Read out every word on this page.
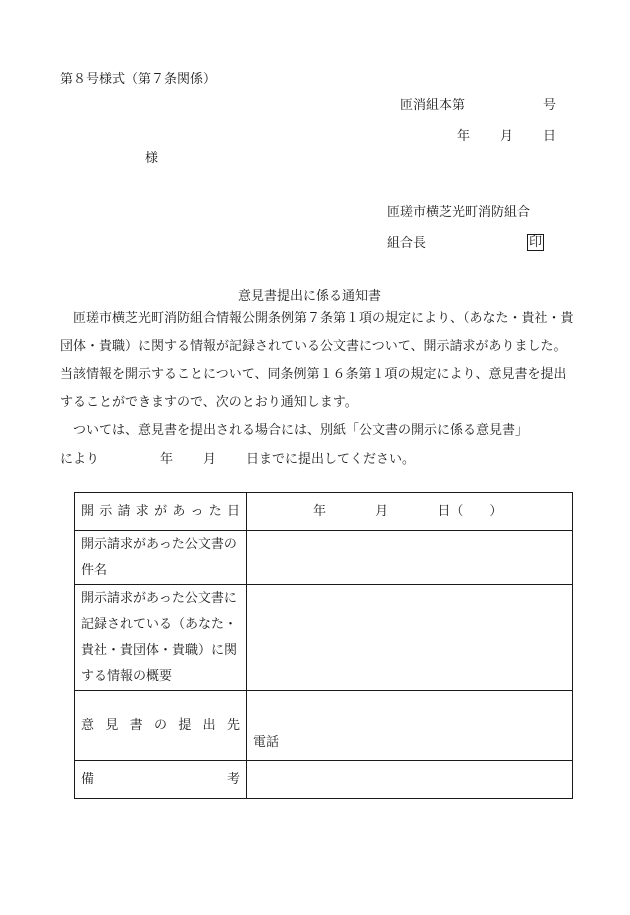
第８号様式（第７条関係）
匝消組本第	号
年 月 日
様
匝瑳市横芝光町消防組合
組合長	印
意見書提出に係る通知書
匝瑳市横芝光町消防組合情報公開条例第７条第１項の規定により、（あなた・貴社・貴団体・貴職）に関する情報が記録されている公文書について、開示請求がありました。当該情報を開示することについて、同条例第１６条第１項の規定により、意見書を提出することができますので、次のとおり通知します。
ついては、意見書を提出される場合には、別紙「公文書の開示に係る意見書」
により	年 月 日までに提出してください。
開示請求があった日	年 月 日（　　）
開示請求があった公文書の件名	
開示請求があった公文書に記録されている（あなた・貴社・貴団体・貴職）に関する情報の概要	

意見書の提出先	電話

備考	
